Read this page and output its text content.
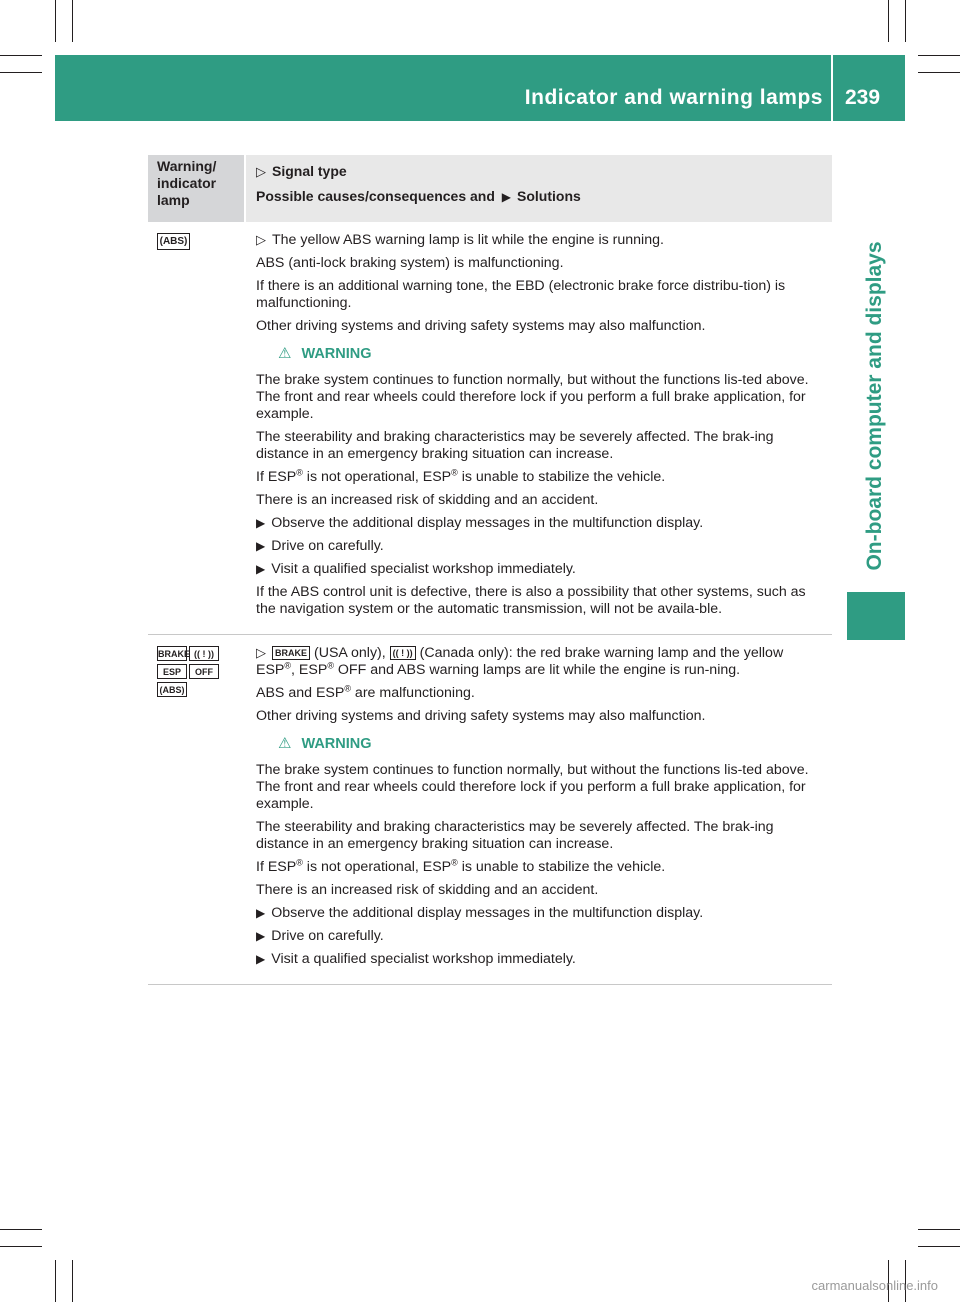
Indicator and warning lamps 239
On-board computer and displays
Warning/
indicator
lamp
▷ Signal type
Possible causes/consequences and ▶ Solutions
(ABS)	▷ The yellow ABS warning lamp is lit while the engine is running.

ABS (anti-lock braking system) is malfunctioning.

If there is an additional warning tone, the EBD (electronic brake force distribu-tion) is malfunctioning.

Other driving systems and driving safety systems may also malfunction.

⚠ WARNING

The brake system continues to function normally, but without the functions lis-ted above. The front and rear wheels could therefore lock if you perform a full brake application, for example.

The steerability and braking characteristics may be severely affected. The brak-ing distance in an emergency braking situation can increase.

If ESP® is not operational, ESP® is unable to stabilize the vehicle.

There is an increased risk of skidding and an accident.

▶ Observe the additional display messages in the multifunction display.

▶ Drive on carefully.

▶ Visit a qualified specialist workshop immediately.

If the ABS control unit is defective, there is also a possibility that other systems, such as the navigation system or the automatic transmission, will not be availa-ble.

BRAKE (( ! ))
ESP OFF
(ABS)

▷ BRAKE (USA only), (( ! )) (Canada only): the red brake warning lamp and the yellow ESP®, ESP® OFF and ABS warning lamps are lit while the engine is run-ning.

ABS and ESP® are malfunctioning.

Other driving systems and driving safety systems may also malfunction.

⚠ WARNING

The brake system continues to function normally, but without the functions lis-ted above. The front and rear wheels could therefore lock if you perform a full brake application, for example.

The steerability and braking characteristics may be severely affected. The brak-ing distance in an emergency braking situation can increase.

If ESP® is not operational, ESP® is unable to stabilize the vehicle.

There is an increased risk of skidding and an accident.

▶ Observe the additional display messages in the multifunction display.

▶ Drive on carefully.

▶ Visit a qualified specialist workshop immediately.

carmanualsonline.info
